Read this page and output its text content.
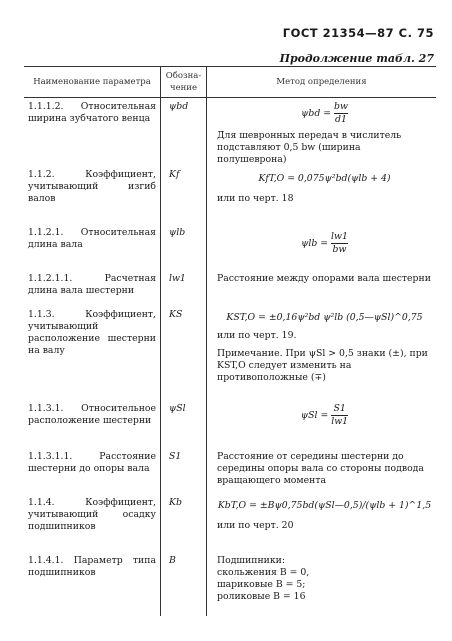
ГОСТ 21354—87 С. 75
Продолжение табл. 27
Наименование параметра	Обозна-чение	Метод определения
1.1.1.2. Относительная ширина зубчатого венца	ψbd	$\psi bd = \frac{bw}{d1}$
Для шевронных передач в числитель подставляют 0,5 bw (ширина полушеврона)

1.1.2. Коэффициент, учитывающий изгиб валов	Kf	KfT,O = 0,075ψ²bd(ψlb + 4)
или по черт. 18

1.1.2.1. Относительная длина вала	ψlb	$\psi lb = \frac{lw1}{bw}$

1.1.2.1.1. Расчетная длина вала шестерни	lw1	Расстояние между опорами вала шестерни
1.1.3. Коэффициент, учитывающий расположение шестерни на валу	KS	KST,O = ±0,16ψ²bd ψ²lb (0,5—ψSl)^0,75
или по черт. 19.
Примечание. При ψSl > 0,5 знаки (±), при KST,O следует изменить на противоположные (∓)

1.1.3.1. Относительное расположение шестерни	ψSl	$\psi Sl = \frac{S1}{lw1}$

1.1.3.1.1. Расстояние шестерни до опоры вала	S1	Расстояние от середины шестерни до середины опоры вала со стороны подвода вращающего момента
1.1.4. Коэффициент, учитывающий осадку подшипников	Kb	KbT,O = ±Bψ0,75bd(ψSl—0,5)/(ψlb + 1)^1,5
или по черт. 20

1.1.4.1. Параметр типа подшипников	B	Подшипники:
скольжения B = 0,
шариковые B = 5;
роликовые B = 16
